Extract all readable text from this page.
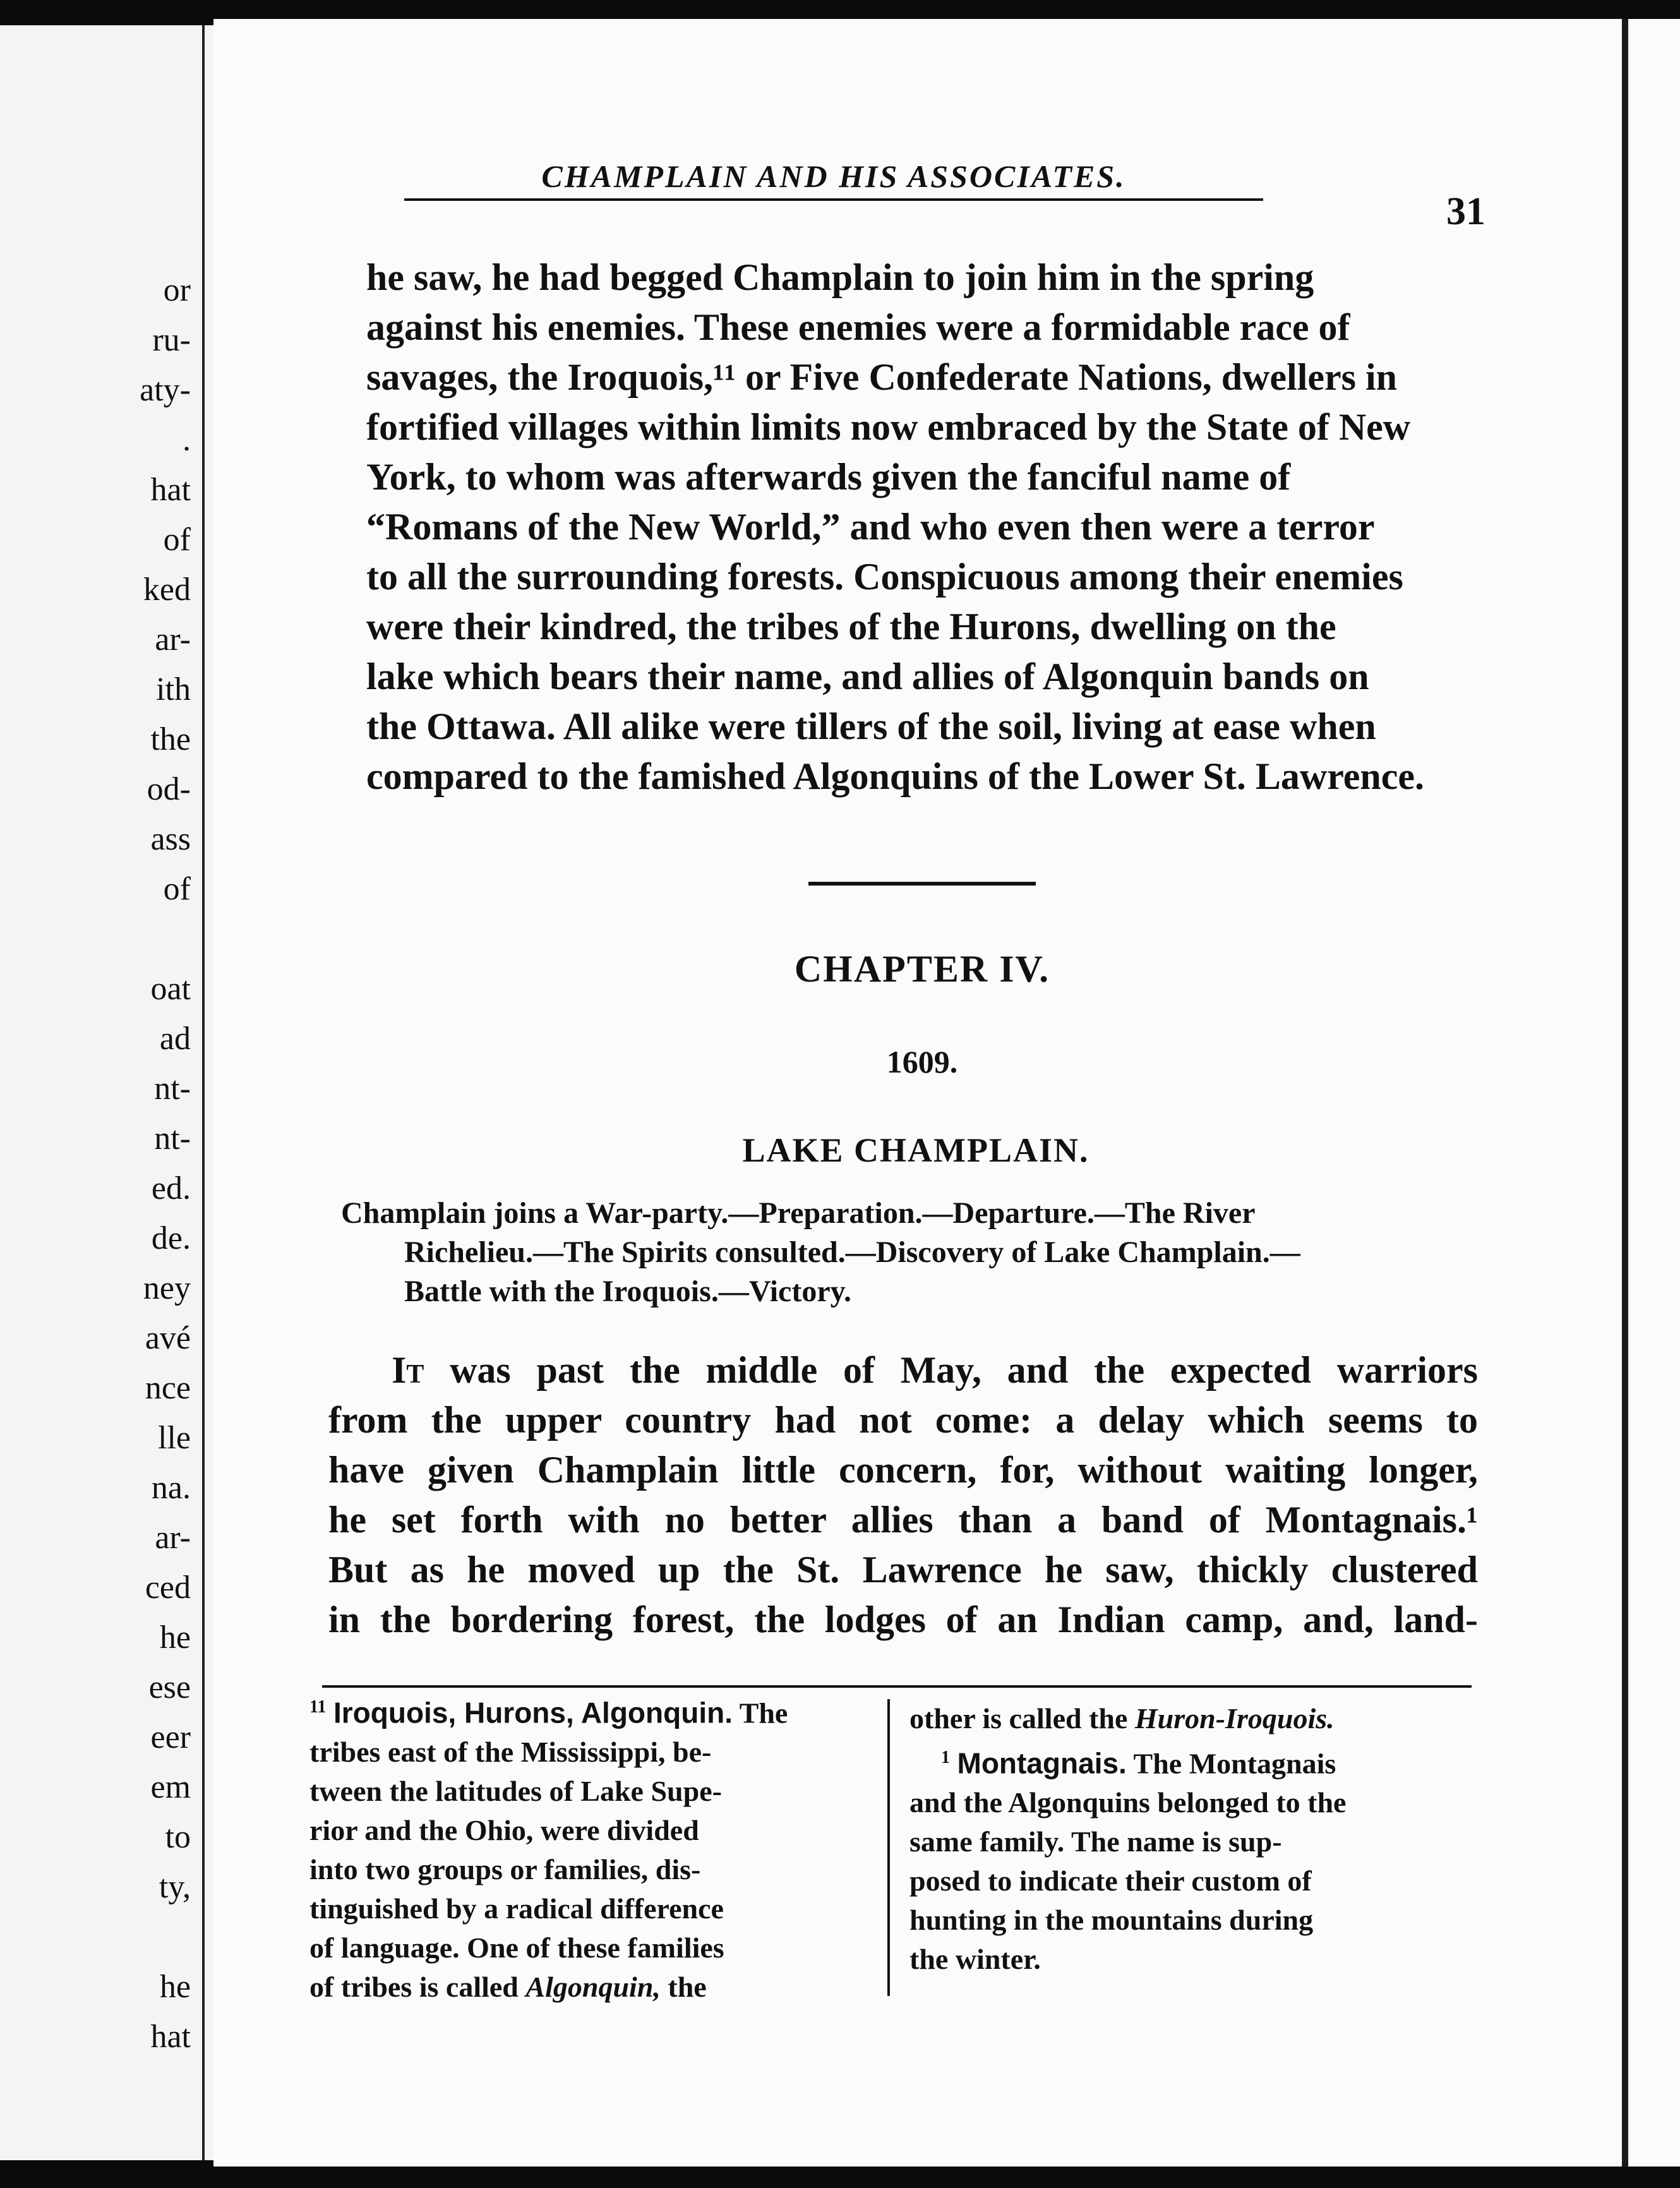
or
ru-
aty-
.
hat
of
ked
ar-
ith
the
od-
ass
of
oat
ad
nt-
nt-
ed.
de.
ney
avé
nce
lle
na.
ar-
ced
he
ese
eer
em
to
ty,
he
hat
CHAMPLAIN AND HIS ASSOCIATES.
31
he saw, he had begged Champlain to join him in the spring
against his enemies. These enemies were a formidable race of
savages, the Iroquois,¹¹ or Five Confederate Nations, dwellers in
fortified villages within limits now embraced by the State of New
York, to whom was afterwards given the fanciful name of
“Romans of the New World,” and who even then were a terror
to all the surrounding forests. Conspicuous among their enemies
were their kindred, the tribes of the Hurons, dwelling on the
lake which bears their name, and allies of Algonquin bands on
the Ottawa. All alike were tillers of the soil, living at ease when
compared to the famished Algonquins of the Lower St. Lawrence.
CHAPTER IV.
1609.
LAKE CHAMPLAIN.
Champlain joins a War-party.—Preparation.—Departure.—The River
Richelieu.—The Spirits consulted.—Discovery of Lake Champlain.—
Battle with the Iroquois.—Victory.
It was past the middle of May, and the expected warriors
from the upper country had not come: a delay which seems to
have given Champlain little concern, for, without waiting longer,
he set forth with no better allies than a band of Montagnais.¹
But as he moved up the St. Lawrence he saw, thickly clustered
in the bordering forest, the lodges of an Indian camp, and, land-
$^{11}$ Iroquois, Hurons, Algonquin. The
tribes east of the Mississippi, be-
tween the latitudes of Lake Supe-
rior and the Ohio, were divided
into two groups or families, dis-
tinguished by a radical difference
of language. One of these families
of tribes is called Algonquin, the
other is called the Huron-Iroquois.
$^1$ Montagnais. The Montagnais
and the Algonquins belonged to the
same family. The name is sup-
posed to indicate their custom of
hunting in the mountains during
the winter.
